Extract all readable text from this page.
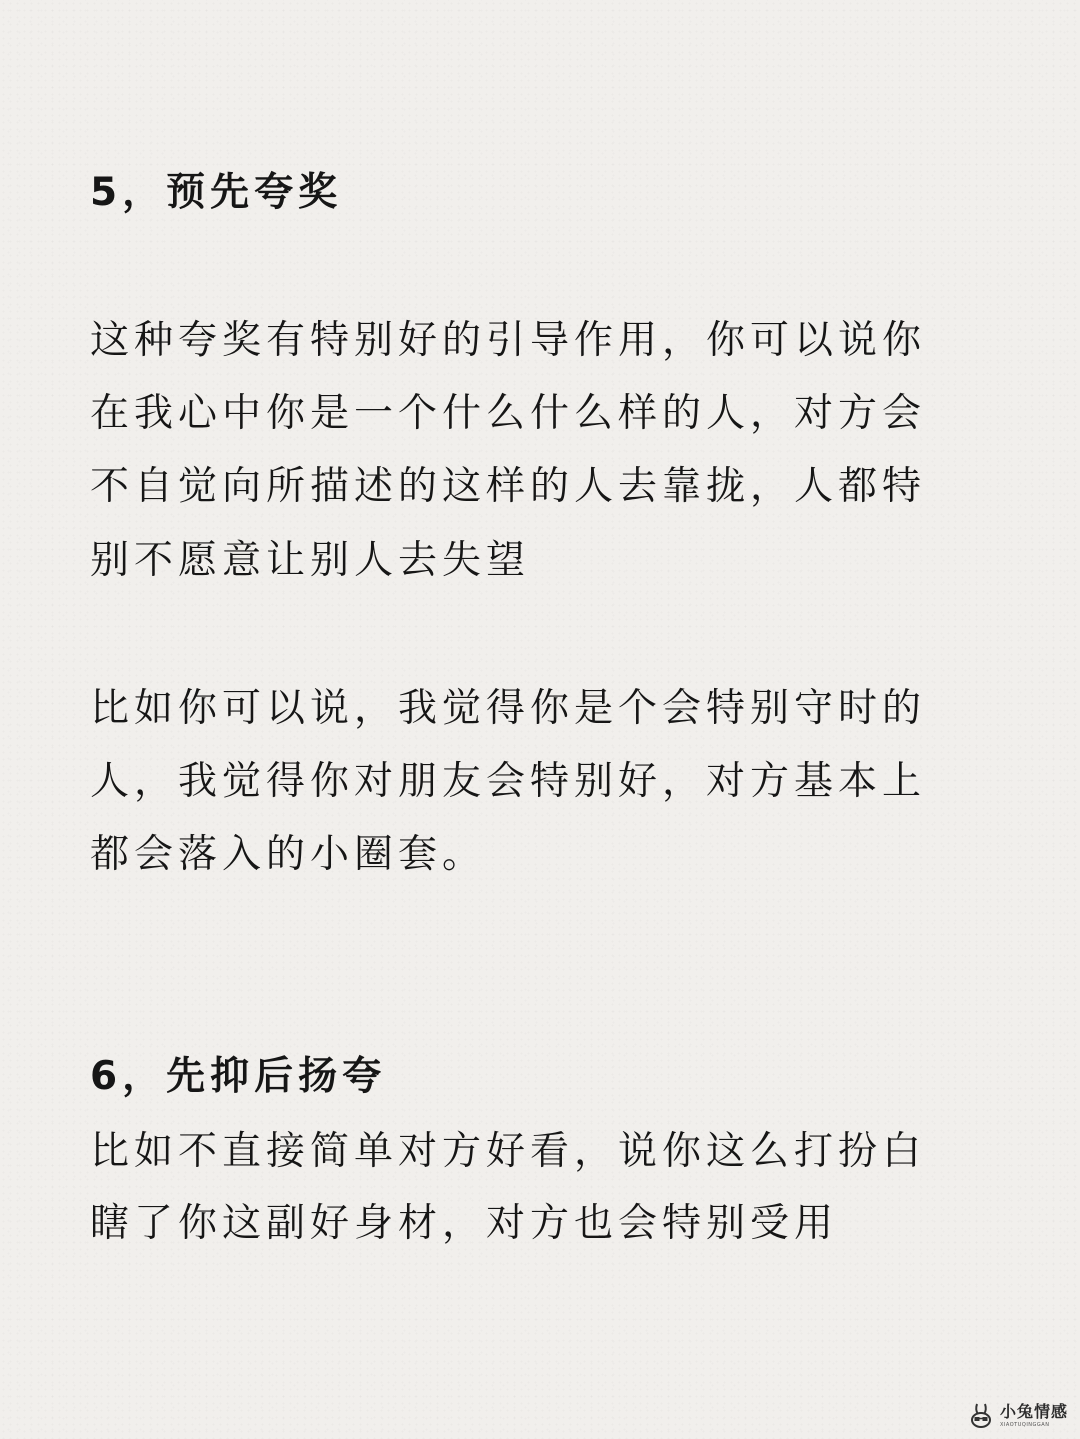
5，预先夸奖
这种夸奖有特别好的引导作用，你可以说你
在我心中你是一个什么什么样的人，对方会
不自觉向所描述的这样的人去靠拢，人都特
别不愿意让别人去失望
比如你可以说，我觉得你是个会特别守时的
人，我觉得你对朋友会特别好，对方基本上
都会落入的小圈套。
6，先抑后扬夸
比如不直接简单对方好看，说你这么打扮白
瞎了你这副好身材，对方也会特别受用
小兔情感
XIAOTUQINGGAN
